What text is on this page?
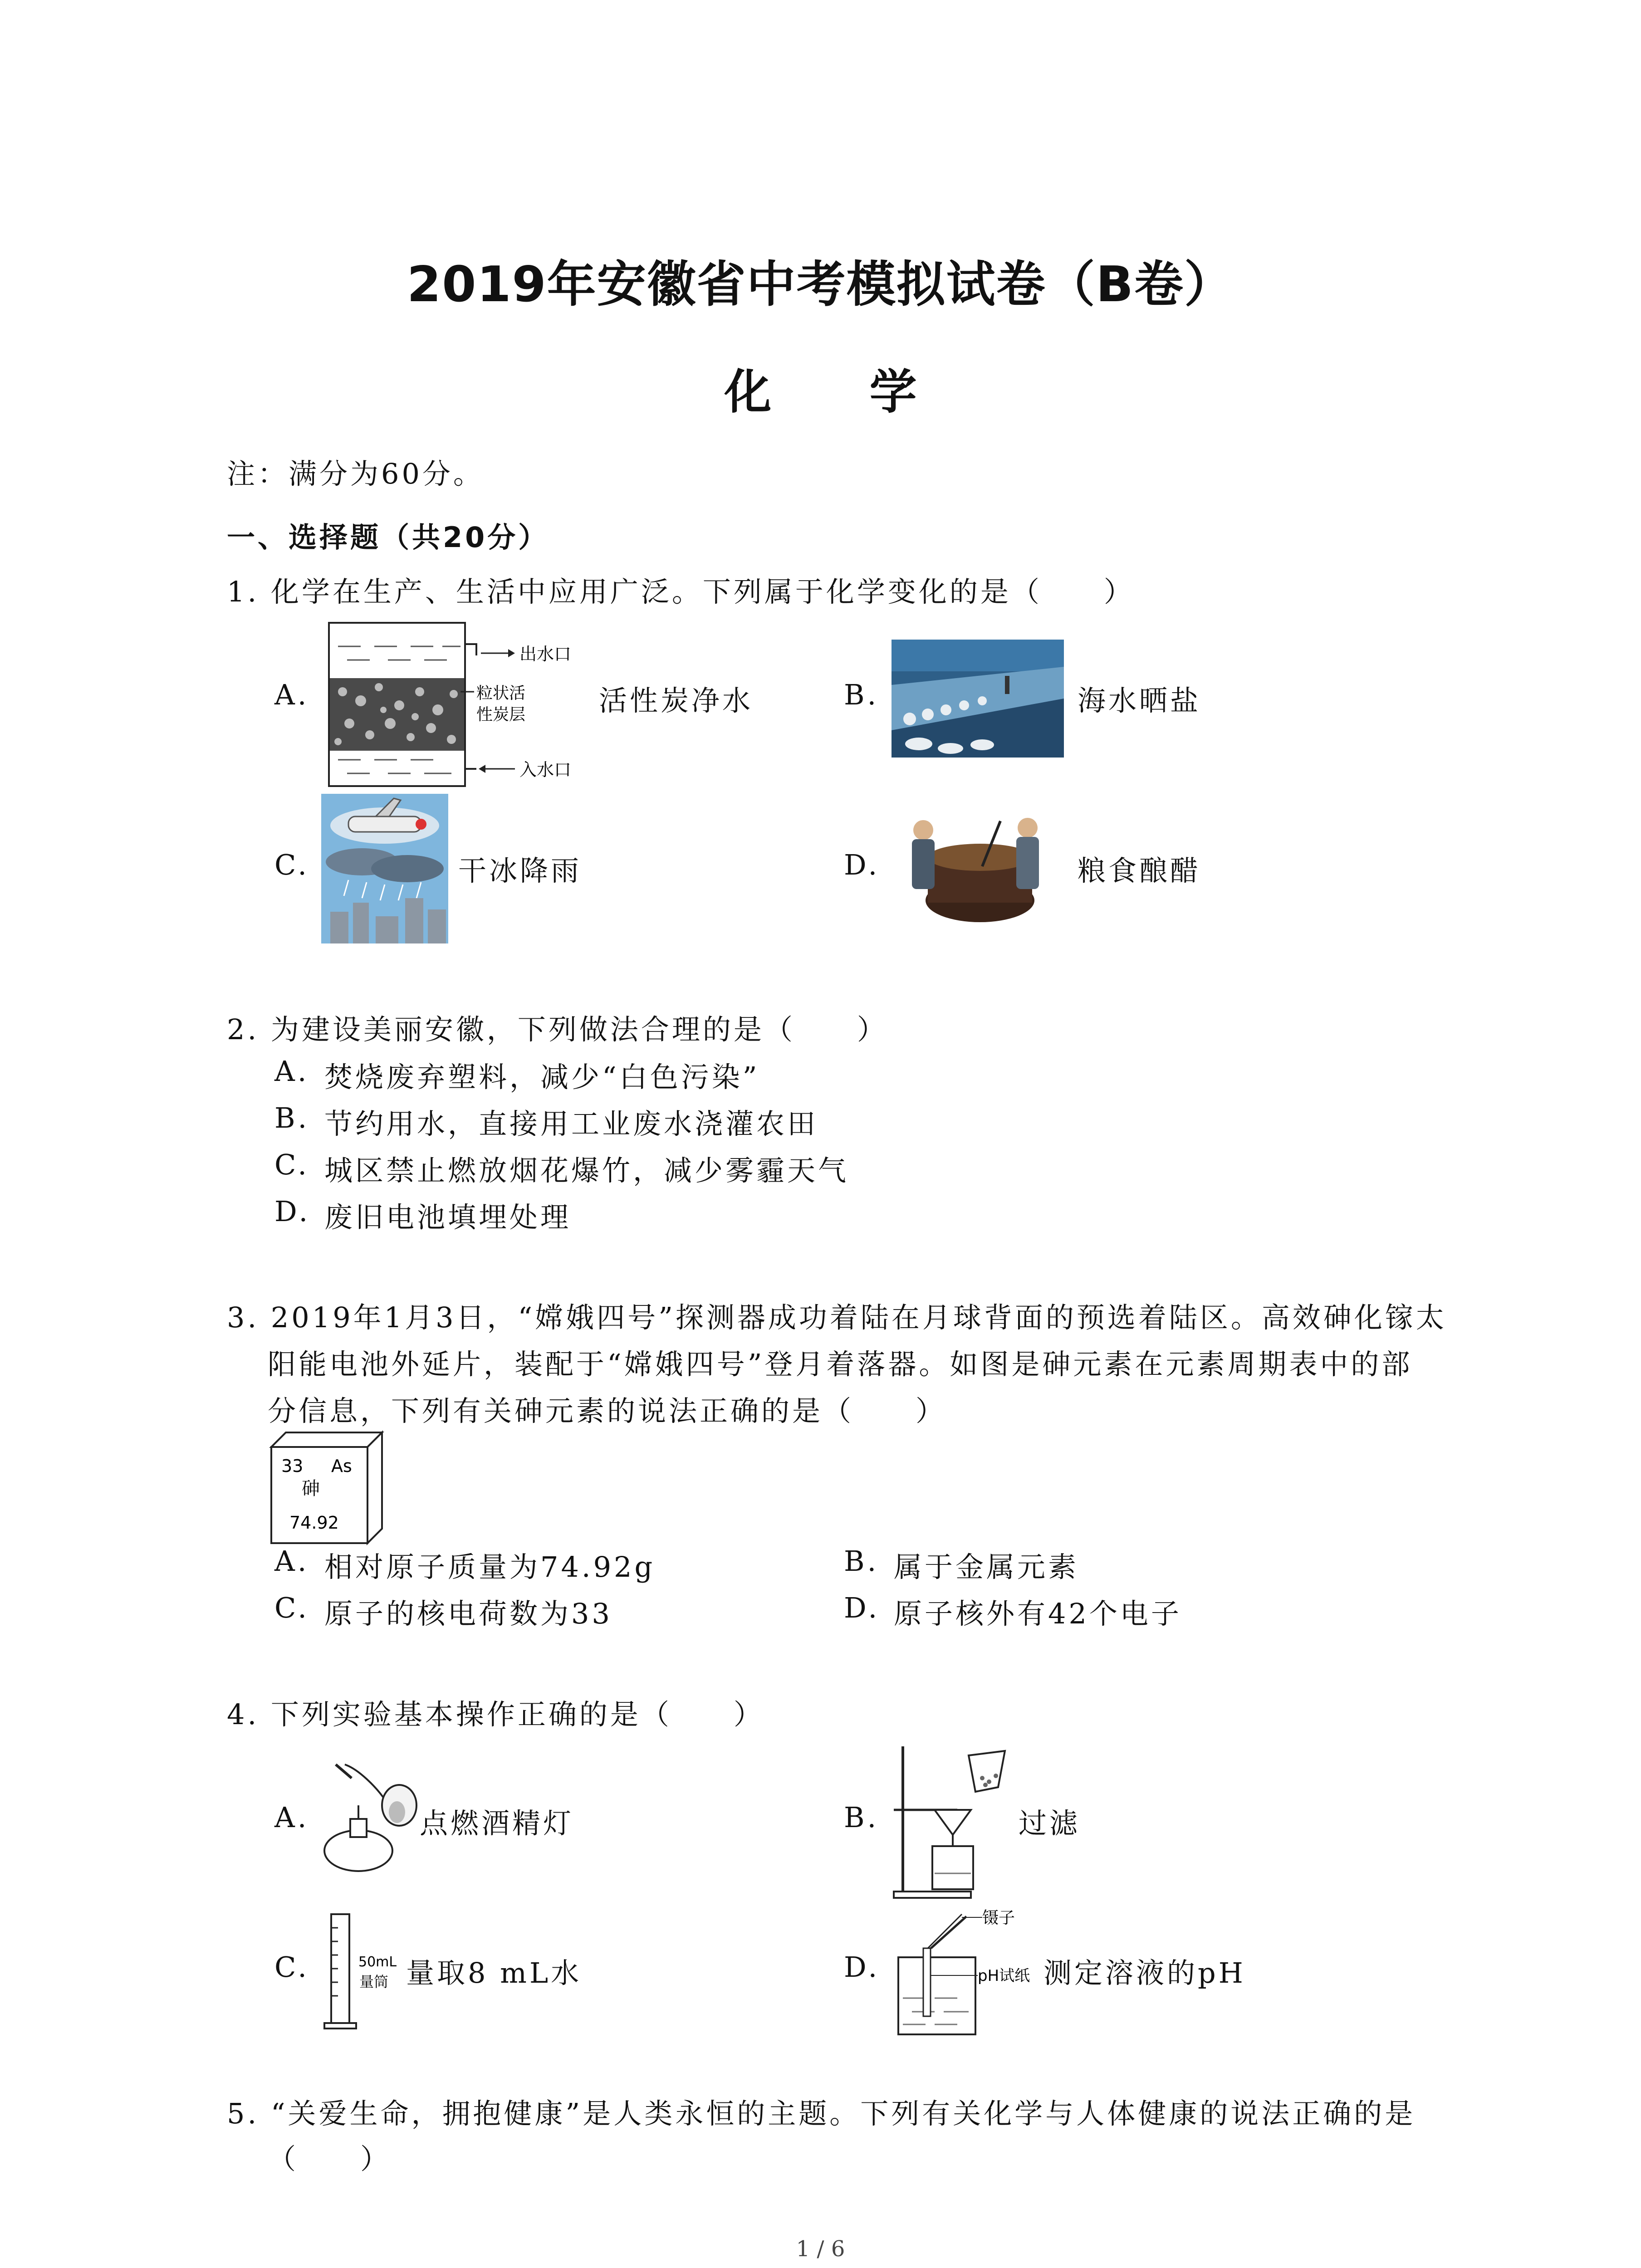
2019年安徽省中考模拟试卷（B卷）
化 学
注：满分为60分。
一、选择题（共20分）
1. 化学在生产、生活中应用广泛。下列属于化学变化的是（　　）
A.
出水口
粒状活
性炭层
入水口
活性炭净水	B.	海水晒盐
C.	干冰降雨	D.	粮食酿醋
2. 为建设美丽安徽，下列做法合理的是（　　）
A. 焚烧废弃塑料，减少“白色污染”
B. 节约用水，直接用工业废水浇灌农田
C. 城区禁止燃放烟花爆竹，减少雾霾天气
D. 废旧电池填埋处理
3. 2019年1月3日，“嫦娥四号”探测器成功着陆在月球背面的预选着陆区。高效砷化镓太
阳能电池外延片，装配于“嫦娥四号”登月着落器。如图是砷元素在元素周期表中的部
分信息，下列有关砷元素的说法正确的是（　　）
33 As
砷
74.92
A. 相对原子质量为74.92g	B. 属于金属元素
C. 原子的核电荷数为33	D. 原子核外有42个电子
4. 下列实验基本操作正确的是（　　）
A.	点燃酒精灯	B.	过滤
C.	50mL
量筒 量取8 mL水	D.
镊子
pH试纸 测定溶液的pH
5. “关爱生命，拥抱健康”是人类永恒的主题。下列有关化学与人体健康的说法正确的是
（　　）
1 / 6
